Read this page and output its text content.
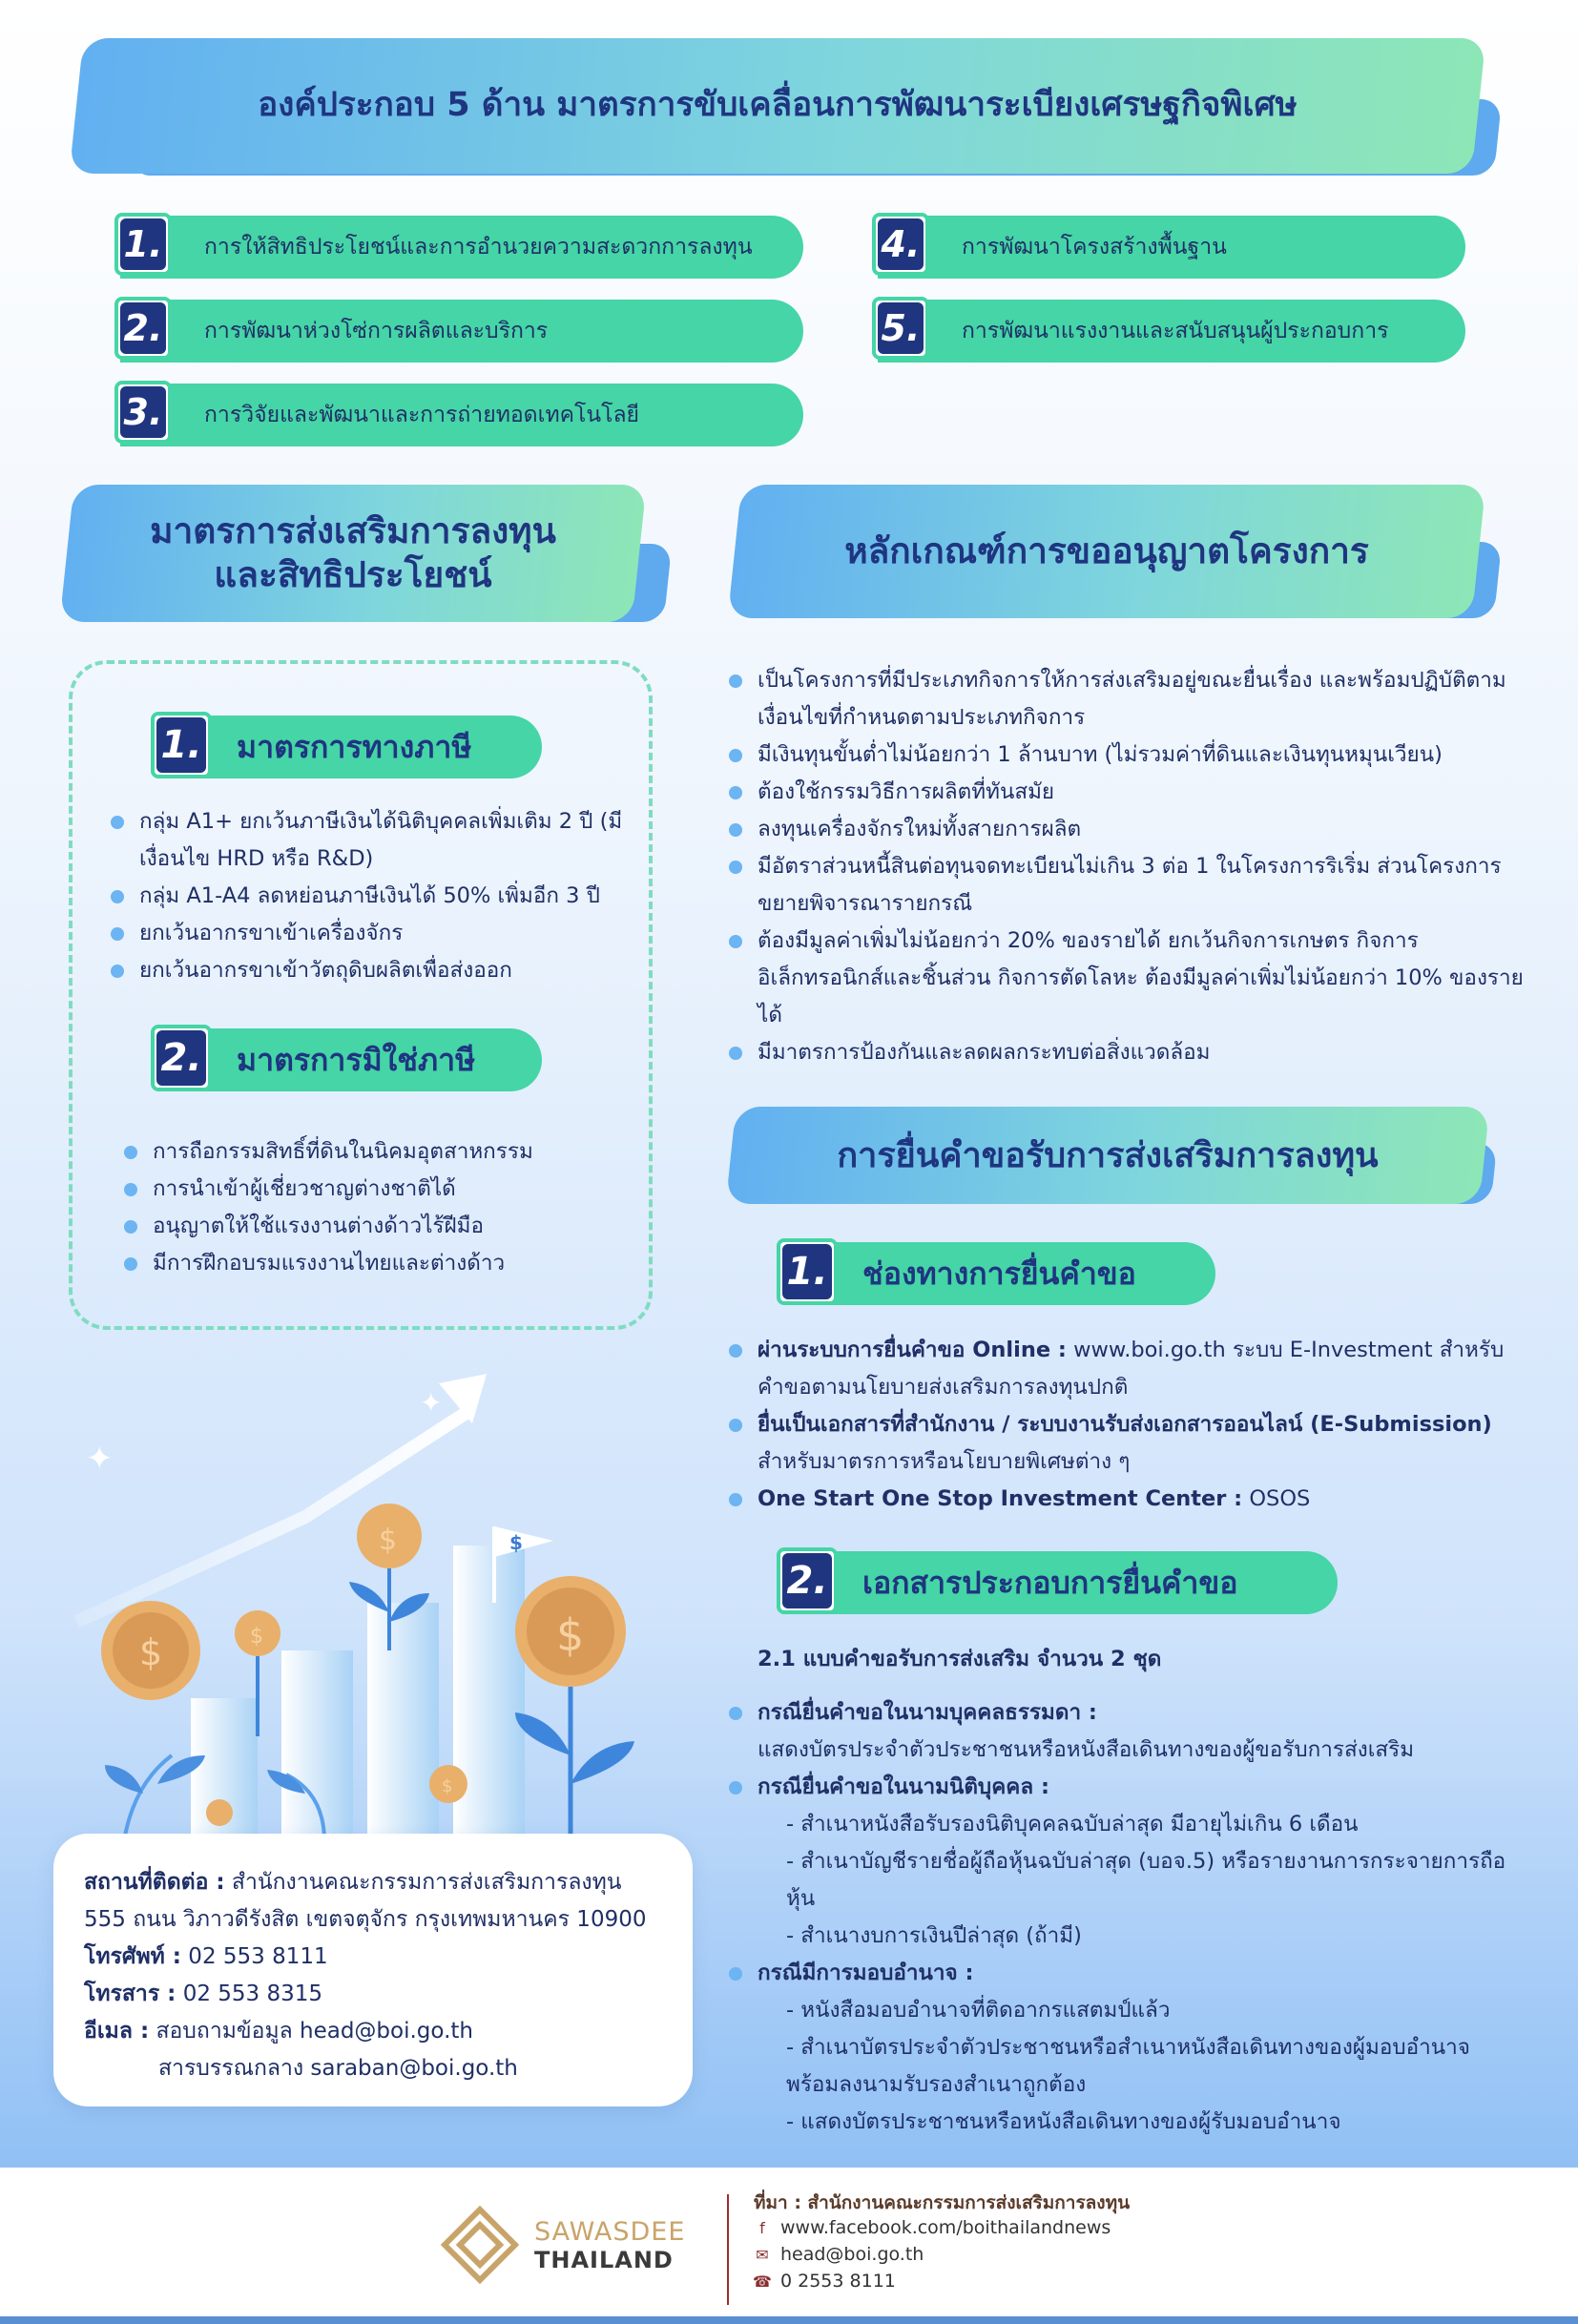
องค์ประกอบ 5 ด้าน มาตรการขับเคลื่อนการพัฒนาระเบียงเศรษฐกิจพิเศษ
1. การให้สิทธิประโยชน์และการอำนวยความสะดวกการลงทุน
2. การพัฒนาห่วงโซ่การผลิตและบริการ
3. การวิจัยและพัฒนาและการถ่ายทอดเทคโนโลยี
4. การพัฒนาโครงสร้างพื้นฐาน
5. การพัฒนาแรงงานและสนับสนุนผู้ประกอบการ
มาตรการส่งเสริมการลงทุน
และสิทธิประโยชน์
1. มาตรการทางภาษี
กลุ่ม A1+ ยกเว้นภาษีเงินได้นิติบุคคลเพิ่มเติม 2 ปี (มีเงื่อนไข HRD หรือ R&D)
กลุ่ม A1-A4 ลดหย่อนภาษีเงินได้ 50% เพิ่มอีก 3 ปี
ยกเว้นอากรขาเข้าเครื่องจักร
ยกเว้นอากรขาเข้าวัตถุดิบผลิตเพื่อส่งออก
2. มาตรการมิใช่ภาษี
การถือกรรมสิทธิ์ที่ดินในนิคมอุตสาหกรรม
การนำเข้าผู้เชี่ยวชาญต่างชาติได้
อนุญาตให้ใช้แรงงานต่างด้าวไร้ฝีมือ
มีการฝึกอบรมแรงงานไทยและต่างด้าว
✦
✦
$
$	$
$
$
$
สถานที่ติดต่อ : สำนักงานคณะกรรมการส่งเสริมการลงทุน
555 ถนน วิภาวดีรังสิต เขตจตุจักร กรุงเทพมหานคร 10900
โทรศัพท์ : 02 553 8111
โทรสาร : 02 553 8315
อีเมล : สอบถามข้อมูล head@boi.go.th
สารบรรณกลาง saraban@boi.go.th
หลักเกณฑ์การขออนุญาตโครงการ
เป็นโครงการที่มีประเภทกิจการให้การส่งเสริมอยู่ขณะยื่นเรื่อง และพร้อมปฏิบัติตามเงื่อนไขที่กำหนดตามประเภทกิจการ
มีเงินทุนขั้นต่ำไม่น้อยกว่า 1 ล้านบาท (ไม่รวมค่าที่ดินและเงินทุนหมุนเวียน)
ต้องใช้กรรมวิธีการผลิตที่ทันสมัย
ลงทุนเครื่องจักรใหม่ทั้งสายการผลิต
มีอัตราส่วนหนี้สินต่อทุนจดทะเบียนไม่เกิน 3 ต่อ 1 ในโครงการริเริ่ม ส่วนโครงการขยายพิจารณารายกรณี
ต้องมีมูลค่าเพิ่มไม่น้อยกว่า 20% ของรายได้ ยกเว้นกิจการเกษตร กิจการอิเล็กทรอนิกส์และชิ้นส่วน กิจการตัดโลหะ ต้องมีมูลค่าเพิ่มไม่น้อยกว่า 10% ของรายได้
มีมาตรการป้องกันและลดผลกระทบต่อสิ่งแวดล้อม
การยื่นคำขอรับการส่งเสริมการลงทุน
1. ช่องทางการยื่นคำขอ
ผ่านระบบการยื่นคำขอ Online : www.boi.go.th ระบบ E-Investment สำหรับคำขอตามนโยบายส่งเสริมการลงทุนปกติ
ยื่นเป็นเอกสารที่สำนักงาน / ระบบงานรับส่งเอกสารออนไลน์ (E-Submission) สำหรับมาตรการหรือนโยบายพิเศษต่าง ๆ
One Start One Stop Investment Center : OSOS
2. เอกสารประกอบการยื่นคำขอ
2.1 แบบคำขอรับการส่งเสริม จำนวน 2 ชุด
กรณียื่นคำขอในนามบุคคลธรรมดา :
แสดงบัตรประจำตัวประชาชนหรือหนังสือเดินทางของผู้ขอรับการส่งเสริม
กรณียื่นคำขอในนามนิติบุคคล :
- สำเนาหนังสือรับรองนิติบุคคลฉบับล่าสุด มีอายุไม่เกิน 6 เดือน
- สำเนาบัญชีรายชื่อผู้ถือหุ้นฉบับล่าสุด (บอจ.5) หรือรายงานการกระจายการถือหุ้น
- สำเนางบการเงินปีล่าสุด (ถ้ามี)
กรณีมีการมอบอำนาจ :
- หนังสือมอบอำนาจที่ติดอากรแสตมป์แล้ว
- สำเนาบัตรประจำตัวประชาชนหรือสำเนาหนังสือเดินทางของผู้มอบอำนาจ พร้อมลงนามรับรองสำเนาถูกต้อง
- แสดงบัตรประชาชนหรือหนังสือเดินทางของผู้รับมอบอำนาจ
SAWASDEE
THAILAND
ที่มา : สำนักงานคณะกรรมการส่งเสริมการลงทุน
f www.facebook.com/boithailandnews
✉ head@boi.go.th
☎ 0 2553 8111
